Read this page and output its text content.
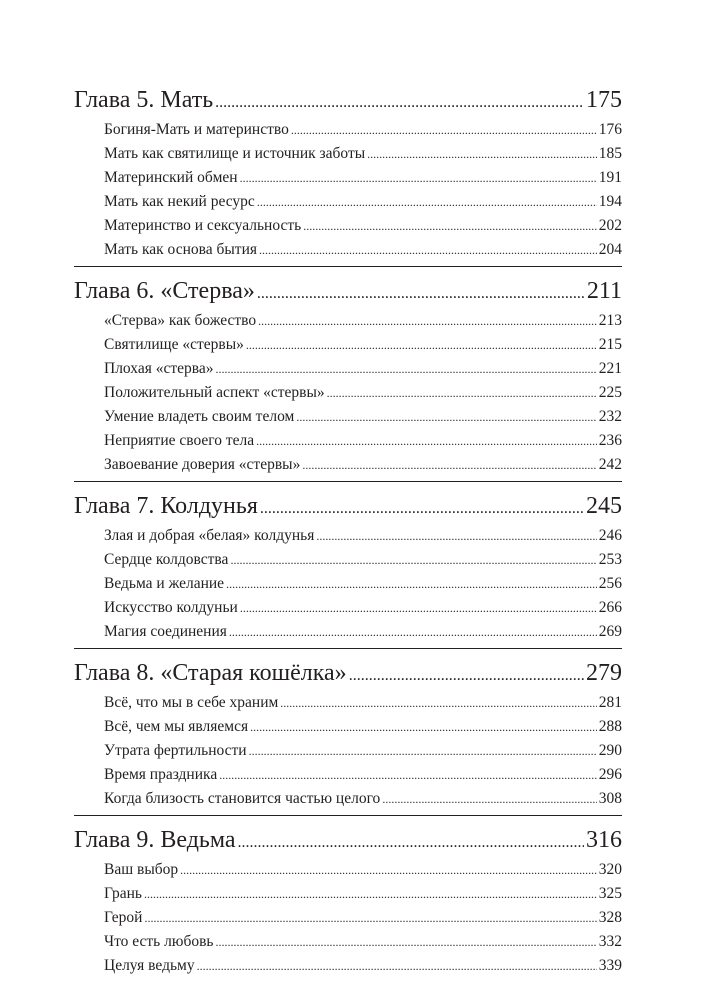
Глава 5. Мать .....	175
Богиня-Мать и материнство .....	176
Мать как святилище и источник заботы .....	185
Материнский обмен .....	191
Мать как некий ресурс .....	194
Материнство и сексуальность .....	202
Мать как основа бытия .....	204
Глава 6. «Стерва» .....	211
«Стерва» как божество .....	213
Святилище «стервы» .....	215
Плохая «стерва» .....	221
Положительный аспект «стервы» .....	225
Умение владеть своим телом .....	232
Неприятие своего тела .....	236
Завоевание доверия «стервы» .....	242
Глава 7. Колдунья .....	245
Злая и добрая «белая» колдунья .....	246
Сердце колдовства .....	253
Ведьма и желание .....	256
Искусство колдуньи .....	266
Магия соединения .....	269
Глава 8. «Старая кошёлка» .....	279
Всё, что мы в себе храним .....	281
Всё, чем мы являемся .....	288
Утрата фертильности .....	290
Время праздника .....	296
Когда близость становится частью целого .....	308
Глава 9. Ведьма .....	316
Ваш выбор .....	320
Грань .....	325
Герой .....	328
Что есть любовь .....	332
Целуя ведьму .....	339
